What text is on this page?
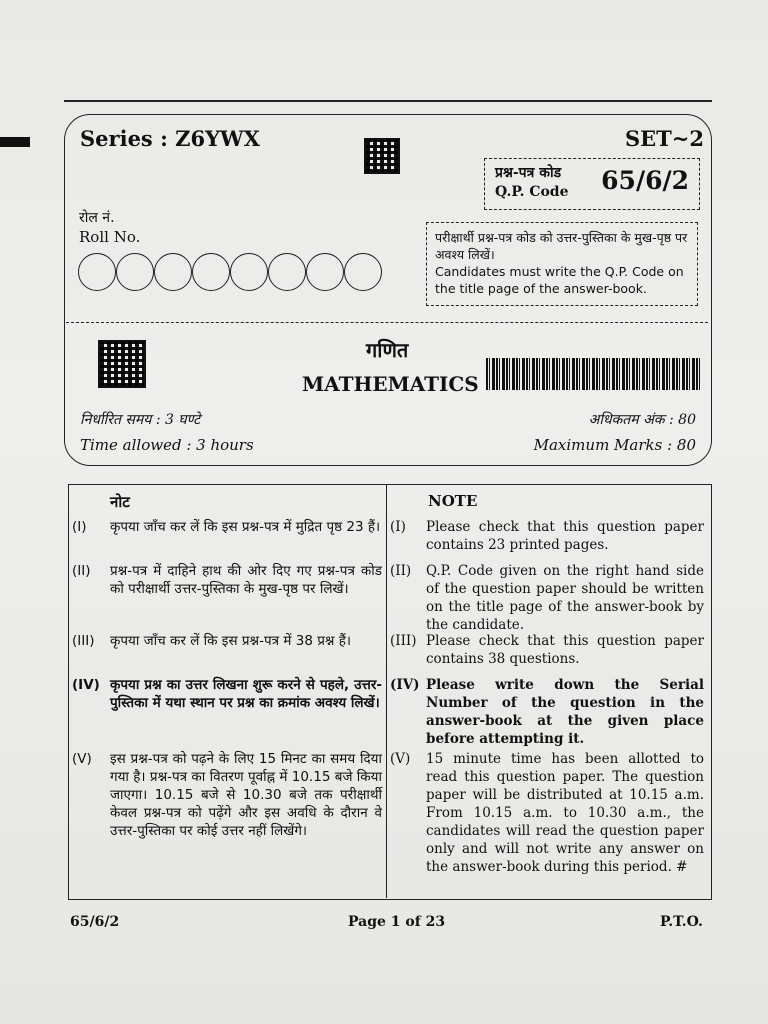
Series : Z6YWX	SET~2
प्रश्न-पत्र कोड
Q.P. Code 65/6/2
रोल नं.
Roll No.	परीक्षार्थी प्रश्न-पत्र कोड को उत्तर-पुस्तिका के मुख-पृष्ठ पर अवश्य लिखें।
Candidates must write the Q.P. Code on the title page of the answer-book.
गणित
MATHEMATICS
निर्धारित समय : 3 घण्टे
Time allowed : 3 hours
अधिकतम अंक : 80
Maximum Marks : 80
नोट	NOTE
(I) कृपया जाँच कर लें कि इस प्रश्न-पत्र में मुद्रित पृष्ठ 23 हैं।
(II) प्रश्न-पत्र में दाहिने हाथ की ओर दिए गए प्रश्न-पत्र कोड को परीक्षार्थी उत्तर-पुस्तिका के मुख-पृष्ठ पर लिखें।
(III) कृपया जाँच कर लें कि इस प्रश्न-पत्र में 38 प्रश्न हैं।
(IV) कृपया प्रश्न का उत्तर लिखना शुरू करने से पहले, उत्तर-पुस्तिका में यथा स्थान पर प्रश्न का क्रमांक अवश्य लिखें।
(V) इस प्रश्न-पत्र को पढ़ने के लिए 15 मिनट का समय दिया गया है। प्रश्न-पत्र का वितरण पूर्वाह्न में 10.15 बजे किया जाएगा। 10.15 बजे से 10.30 बजे तक परीक्षार्थी केवल प्रश्न-पत्र को पढ़ेंगे और इस अवधि के दौरान वे उत्तर-पुस्तिका पर कोई उत्तर नहीं लिखेंगे।
(I) Please check that this question paper contains 23 printed pages.
(II) Q.P. Code given on the right hand side of the question paper should be written on the title page of the answer-book by the candidate.
(III) Please check that this question paper contains 38 questions.
(IV) Please write down the Serial Number of the question in the answer-book at the given place before attempting it.
(V) 15 minute time has been allotted to read this question paper. The question paper will be distributed at 10.15 a.m. From 10.15 a.m. to 10.30 a.m., the candidates will read the question paper only and will not write any answer on the answer-book during this period. #
65/6/2	Page 1 of 23	P.T.O.
